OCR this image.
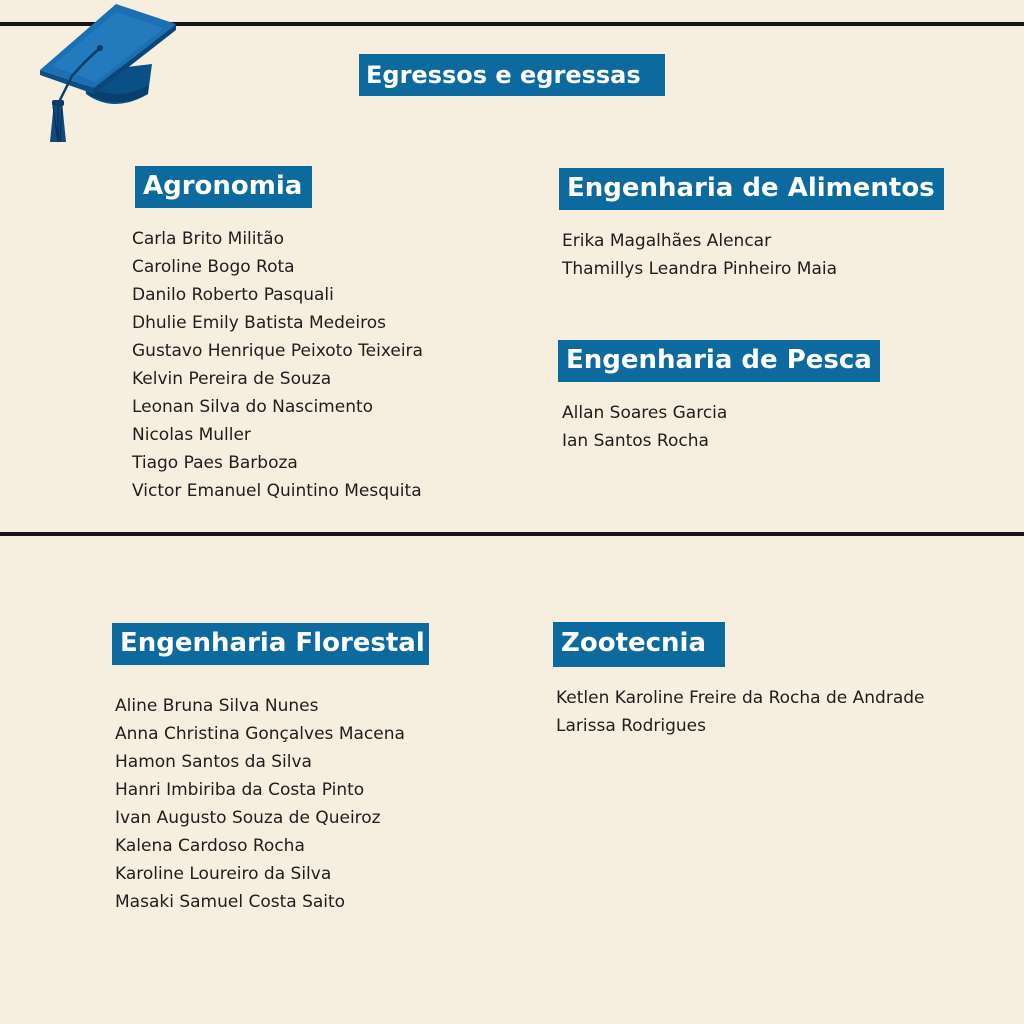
Egressos e egressas
Agronomia
Carla Brito Militão
Caroline Bogo Rota
Danilo Roberto Pasquali
Dhulie Emily Batista Medeiros
Gustavo Henrique Peixoto Teixeira
Kelvin Pereira de Souza
Leonan Silva do Nascimento
Nicolas Muller
Tiago Paes Barboza
Victor Emanuel Quintino Mesquita
Engenharia de Alimentos
Erika Magalhães Alencar
Thamillys Leandra Pinheiro Maia
Engenharia de Pesca
Allan Soares Garcia
Ian Santos Rocha
Engenharia Florestal
Aline Bruna Silva Nunes
Anna Christina Gonçalves Macena
Hamon Santos da Silva
Hanri Imbiriba da Costa Pinto
Ivan Augusto Souza de Queiroz
Kalena Cardoso Rocha
Karoline Loureiro da Silva
Masaki Samuel Costa Saito
Zootecnia
Ketlen Karoline Freire da Rocha de Andrade
Larissa Rodrigues
